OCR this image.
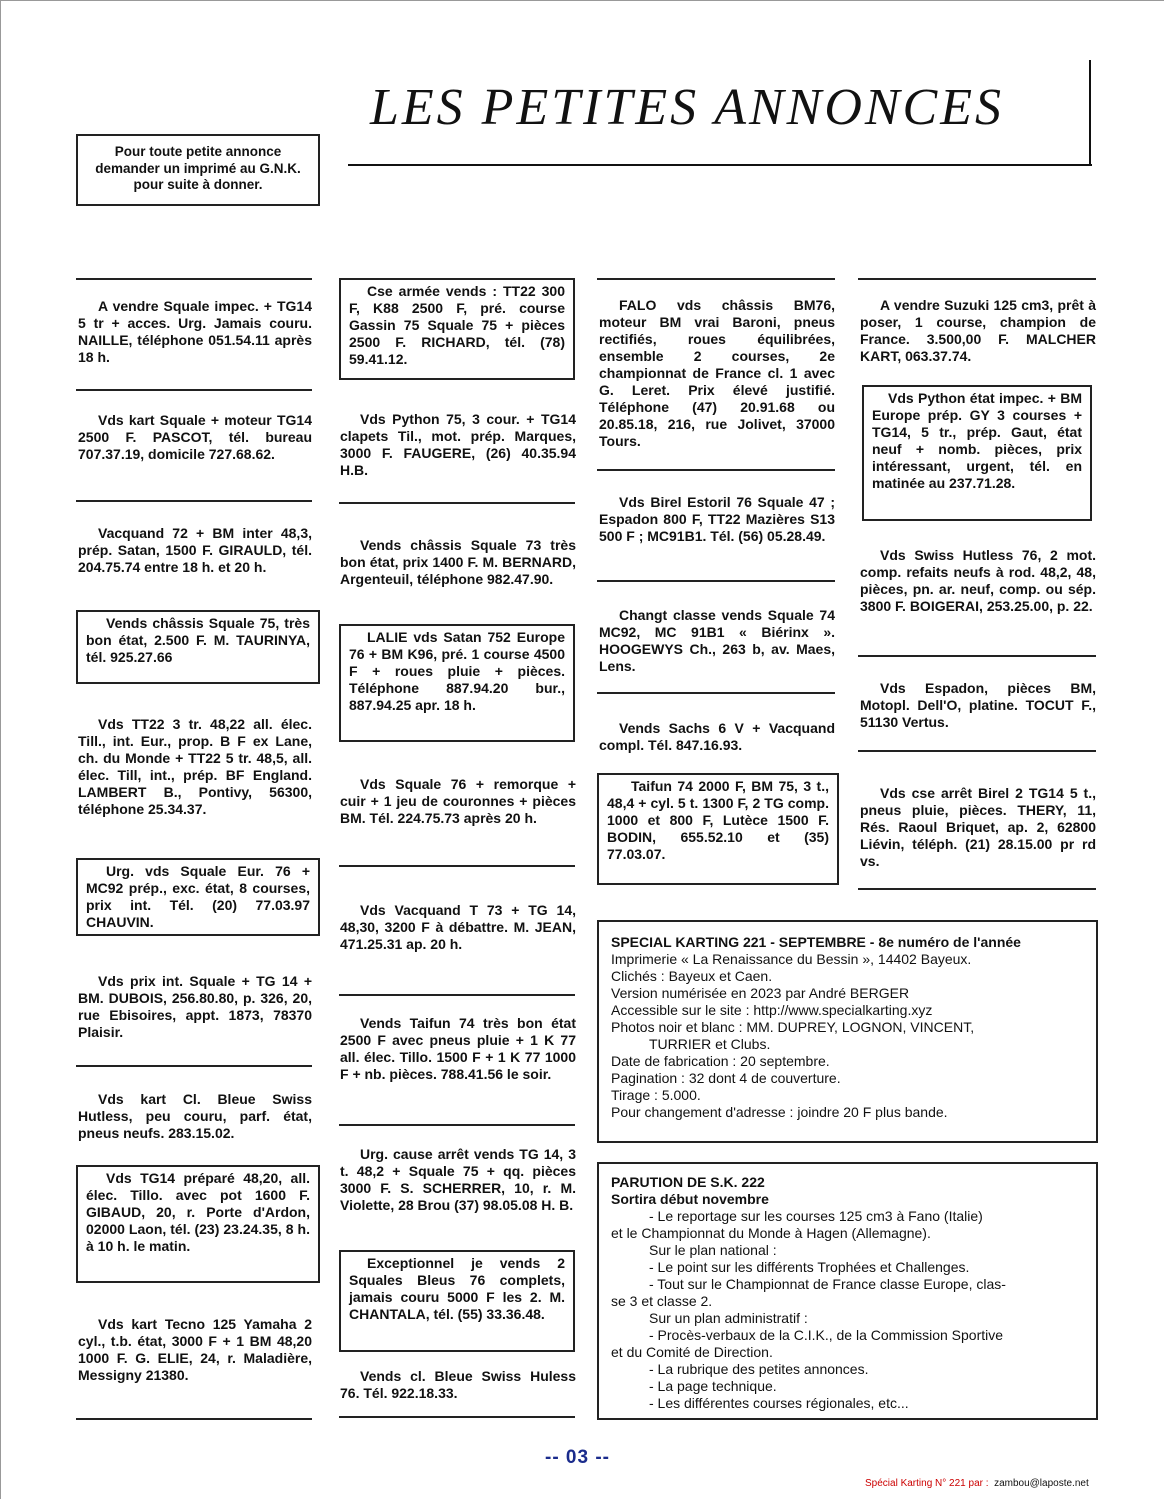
LES PETITES ANNONCES
Pour toute petite annonce demander un imprimé au G.N.K. pour suite à donner.
A vendre Squale impec. + TG14 5 tr + acces. Urg. Jamais couru. NAILLE, téléphone 051.54.11 après 18 h.
Vds kart Squale + moteur TG14 2500 F. PASCOT, tél. bureau 707.37.19, domicile 727.68.62.
Vacquand 72 + BM inter 48,3, prép. Satan, 1500 F. GIRAULD, tél. 204.75.74 entre 18 h. et 20 h.
Vends châssis Squale 75, très bon état, 2.500 F. M. TAURINYA, tél. 925.27.66
Vds TT22 3 tr. 48,22 all. élec. Till., int. Eur., prop. B F ex Lane, ch. du Monde + TT22 5 tr. 48,5, all. élec. Till, int., prép. BF England. LAMBERT B., Pontivy, 56300, téléphone 25.34.37.
Urg. vds Squale Eur. 76 + MC92 prép., exc. état, 8 courses, prix int. Tél. (20) 77.03.97 CHAUVIN.
Vds prix int. Squale + TG 14 + BM. DUBOIS, 256.80.80, p. 326, 20, rue Ebisoires, appt. 1873, 78370 Plaisir.
Vds kart Cl. Bleue Swiss Hutless, peu couru, parf. état, pneus neufs. 283.15.02.
Vds TG14 préparé 48,20, all. élec. Tillo. avec pot 1600 F. GIBAUD, 20, r. Porte d'Ardon, 02000 Laon, tél. (23) 23.24.35, 8 h. à 10 h. le matin.
Vds kart Tecno 125 Yamaha 2 cyl., t.b. état, 3000 F + 1 BM 48,20 1000 F. G. ELIE, 24, r. Maladière, Messigny 21380.
Cse armée vends : TT22 300 F, K88 2500 F, pré. course Gassin 75 Squale 75 + pièces 2500 F. RICHARD, tél. (78) 59.41.12.
Vds Python 75, 3 cour. + TG14 clapets Til., mot. prép. Marques, 3000 F. FAUGERE, (26) 40.35.94 H.B.
Vends châssis Squale 73 très bon état, prix 1400 F. M. BERNARD, Argenteuil, téléphone 982.47.90.
LALIE vds Satan 752 Europe 76 + BM K96, pré. 1 course 4500 F + roues pluie + pièces. Téléphone 887.94.20 bur., 887.94.25 apr. 18 h.
Vds Squale 76 + remorque + cuir + 1 jeu de couronnes + pièces BM. Tél. 224.75.73 après 20 h.
Vds Vacquand T 73 + TG 14, 48,30, 3200 F à débattre. M. JEAN, 471.25.31 ap. 20 h.
Vends Taifun 74 très bon état 2500 F avec pneus pluie + 1 K 77 all. élec. Tillo. 1500 F + 1 K 77 1000 F + nb. pièces. 788.41.56 le soir.
Urg. cause arrêt vends TG 14, 3 t. 48,2 + Squale 75 + qq. pièces 3000 F. S. SCHERRER, 10, r. M. Violette, 28 Brou (37) 98.05.08 H. B.
Exceptionnel je vends 2 Squales Bleus 76 complets, jamais couru 5000 F les 2. M. CHANTALA, tél. (55) 33.36.48.
Vends cl. Bleue Swiss Huless 76. Tél. 922.18.33.
FALO vds châssis BM76, moteur BM vrai Baroni, pneus rectifiés, roues équilibrées, ensemble 2 courses, 2e championnat de France cl. 1 avec G. Leret. Prix élevé justifié. Téléphone (47) 20.91.68 ou 20.85.18, 216, rue Jolivet, 37000 Tours.
Vds Birel Estoril 76 Squale 47 ; Espadon 800 F, TT22 Mazières S13 500 F ; MC91B1. Tél. (56) 05.28.49.
Changt classe vends Squale 74 MC92, MC 91B1 « Biérinx ». HOOGEWYS Ch., 263 b, av. Maes, Lens.
Vends Sachs 6 V + Vacquand compl. Tél. 847.16.93.
Taifun 74 2000 F, BM 75, 3 t., 48,4 + cyl. 5 t. 1300 F, 2 TG comp. 1000 et 800 F, Lutèce 1500 F. BODIN, 655.52.10 et (35) 77.03.07.
A vendre Suzuki 125 cm3, prêt à poser, 1 course, champion de France. 3.500,00 F. MALCHER KART, 063.37.74.
Vds Python état impec. + BM Europe prép. GY 3 courses + TG14, 5 tr., prép. Gaut, état neuf + nomb. pièces, prix intéressant, urgent, tél. en matinée au 237.71.28.
Vds Swiss Hutless 76, 2 mot. comp. refaits neufs à rod. 48,2, 48, pièces, pn. ar. neuf, comp. ou sép. 3800 F. BOIGERAI, 253.25.00, p. 22.
Vds Espadon, pièces BM, Motopl. Dell'O, platine. TOCUT F., 51130 Vertus.
Vds cse arrêt Birel 2 TG14 5 t., pneus pluie, pièces. THERY, 11, Rés. Raoul Briquet, ap. 2, 62800 Liévin, téléph. (21) 28.15.00 pr rd vs.
SPECIAL KARTING 221 - SEPTEMBRE - 8e numéro de l'année
Imprimerie « La Renaissance du Bessin », 14402 Bayeux.
Clichés : Bayeux et Caen.
Version numérisée en 2023 par André BERGER
Accessible sur le site : http://www.specialkarting.xyz
Photos noir et blanc : MM. DUPREY, LOGNON, VINCENT,
TURRIER et Clubs.
Date de fabrication : 20 septembre.
Pagination : 32 dont 4 de couverture.
Tirage : 5.000.
Pour changement d'adresse : joindre 20 F plus bande.
PARUTION DE S.K. 222
Sortira début novembre
- Le reportage sur les courses 125 cm3 à Fano (Italie)
et le Championnat du Monde à Hagen (Allemagne).
Sur le plan national :
- Le point sur les différents Trophées et Challenges.
- Tout sur le Championnat de France classe Europe, clas-
se 3 et classe 2.
Sur un plan administratif :
- Procès-verbaux de la C.I.K., de la Commission Sportive
et du Comité de Direction.
- La rubrique des petites annonces.
- La page technique.
- Les différentes courses régionales, etc...
-- 03 --
Spécial Karting N° 221 par : zambou@laposte.net
